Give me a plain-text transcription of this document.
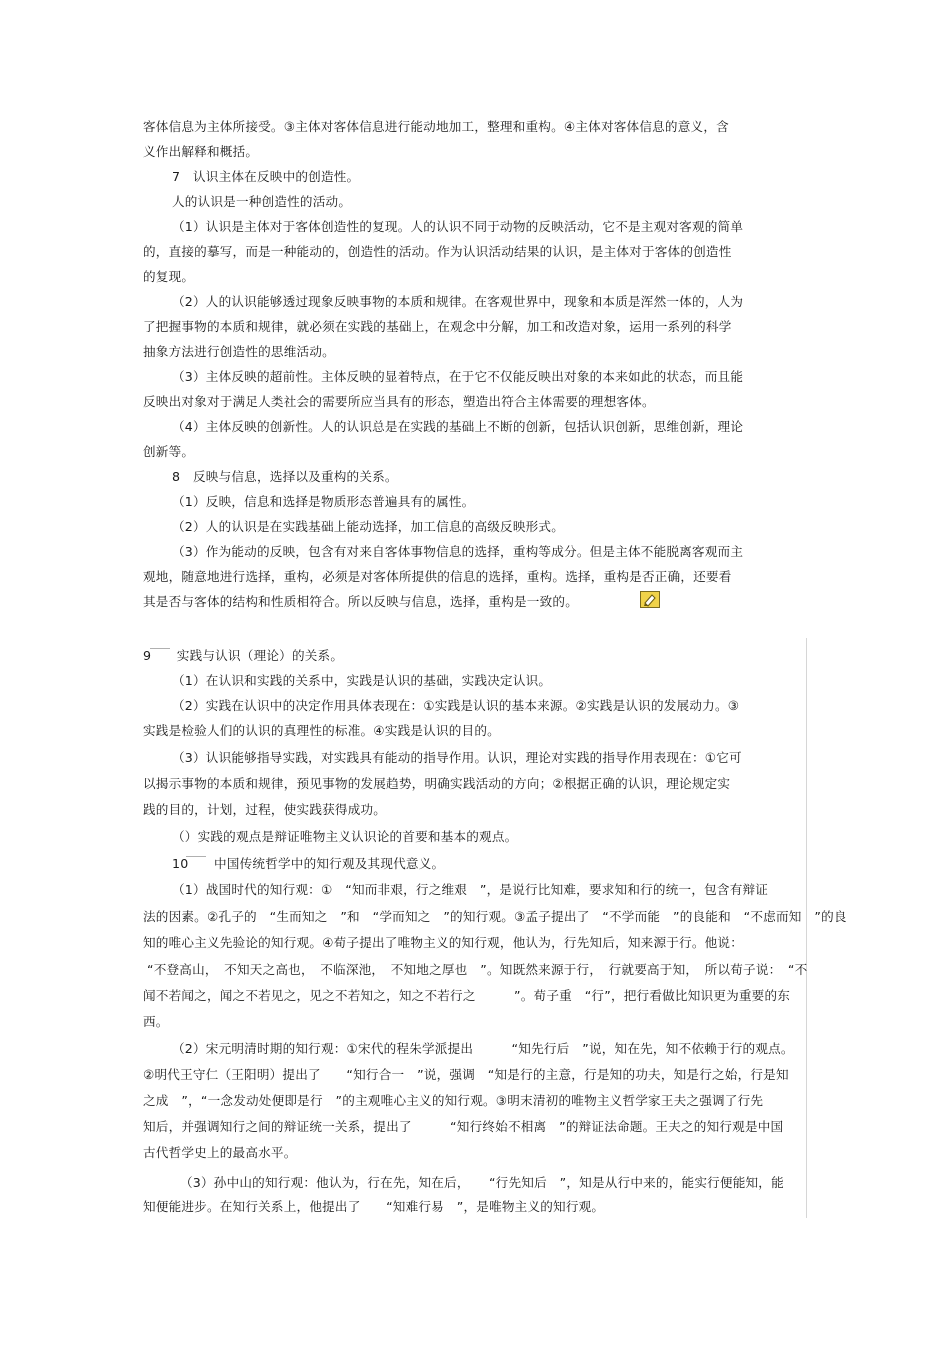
客体信息为主体所接受。③主体对客体信息进行能动地加工，整理和重构。④主体对客体信息的意义，含
义作出解释和概括。
7　认识主体在反映中的创造性。
人的认识是一种创造性的活动。
（1）认识是主体对于客体创造性的复现。人的认识不同于动物的反映活动，它不是主观对客观的简单
的，直接的摹写，而是一种能动的，创造性的活动。作为认识活动结果的认识，是主体对于客体的创造性
的复现。
（2）人的认识能够透过现象反映事物的本质和规律。在客观世界中，现象和本质是浑然一体的，人为
了把握事物的本质和规律，就必须在实践的基础上，在观念中分解，加工和改造对象，运用一系列的科学
抽象方法进行创造性的思维活动。
（3）主体反映的超前性。主体反映的显着特点，在于它不仅能反映出对象的本来如此的状态，而且能
反映出对象对于满足人类社会的需要所应当具有的形态，塑造出符合主体需要的理想客体。
（4）主体反映的创新性。人的认识总是在实践的基础上不断的创新，包括认识创新，思维创新，理论
创新等。
8　反映与信息，选择以及重构的关系。
（1）反映，信息和选择是物质形态普遍具有的属性。
（2）人的认识是在实践基础上能动选择，加工信息的高级反映形式。
（3）作为能动的反映，包含有对来自客体事物信息的选择，重构等成分。但是主体不能脱离客观而主
观地，随意地进行选择，重构，必须是对客体所提供的信息的选择，重构。选择，重构是否正确，还要看
其是否与客体的结构和性质相符合。所以反映与信息，选择，重构是一致的。
9　　实践与认识（理论）的关系。
（1）在认识和实践的关系中，实践是认识的基础，实践决定认识。
（2）实践在认识中的决定作用具体表现在：①实践是认识的基本来源。②实践是认识的发展动力。③
实践是检验人们的认识的真理性的标准。④实践是认识的目的。
（3）认识能够指导实践，对实践具有能动的指导作用。认识，理论对实践的指导作用表现在：①它可
以揭示事物的本质和规律，预见事物的发展趋势，明确实践活动的方向；②根据正确的认识，理论规定实
践的目的，计划，过程，使实践获得成功。
（）实践的观点是辩证唯物主义认识论的首要和基本的观点。
10　　中国传统哲学中的知行观及其现代意义。
（1）战国时代的知行观：①　“知而非艰，行之维艰　”，是说行比知难，要求知和行的统一，包含有辩证
法的因素。②孔子的　“生而知之　”和　“学而知之　”的知行观。③孟子提出了　“不学而能　”的良能和　“不虑而知　”的良
知的唯心主义先验论的知行观。④荀子提出了唯物主义的知行观，他认为，行先知后，知来源于行。他说：
“不登高山，　不知天之高也，　不临深池，　不知地之厚也　”。知既然来源于行，　行就要高于知，　所以荀子说：　“不
闻不若闻之，闻之不若见之，见之不若知之，知之不若行之　　　”。荀子重　“行”，把行看做比知识更为重要的东
西。
（2）宋元明清时期的知行观：①宋代的程朱学派提出　　　“知先行后　”说，知在先，知不依赖于行的观点。
②明代王守仁（王阳明）提出了　　“知行合一　”说，强调　“知是行的主意，行是知的功夫，知是行之始，行是知
之成　”，“一念发动处便即是行　”的主观唯心主义的知行观。③明末清初的唯物主义哲学家王夫之强调了行先
知后，并强调知行之间的辩证统一关系，提出了　　　“知行终始不相离　”的辩证法命题。王夫之的知行观是中国
古代哲学史上的最高水平。
（3）孙中山的知行观：他认为，行在先，知在后，　　“行先知后　”，知是从行中来的，能实行便能知，能
知便能进步。在知行关系上，他提出了　　“知难行易　”，是唯物主义的知行观。
